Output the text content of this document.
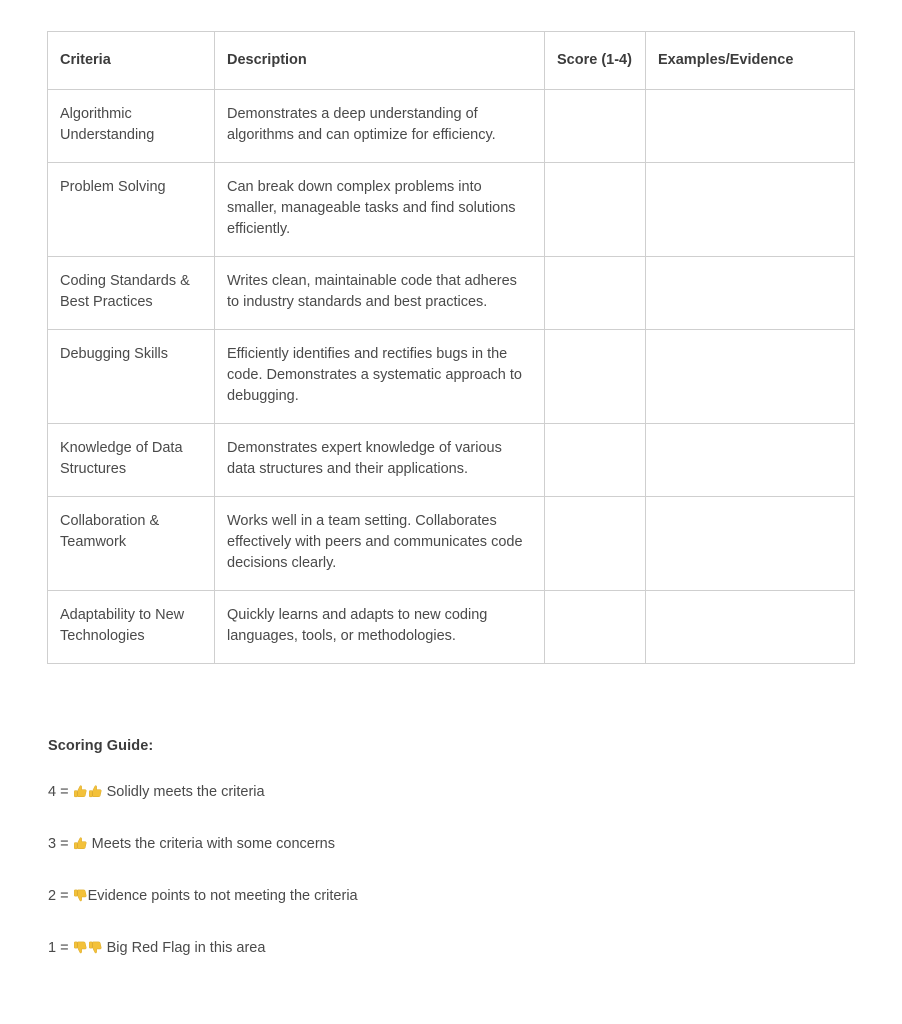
Criteria	Description	Score (1-4)	Examples/Evidence
Algorithmic Understanding	Demonstrates a deep understanding of algorithms and can optimize for efficiency.		
Problem Solving	Can break down complex problems into smaller, manageable tasks and find solutions efficiently.		
Coding Standards & Best Practices	Writes clean, maintainable code that adheres to industry standards and best practices.		
Debugging Skills	Efficiently identifies and rectifies bugs in the code. Demonstrates a systematic approach to debugging.		
Knowledge of Data Structures	Demonstrates expert knowledge of various data structures and their applications.		
Collaboration & Teamwork	Works well in a team setting. Collaborates effectively with peers and communicates code decisions clearly.		
Adaptability to New Technologies	Quickly learns and adapts to new coding languages, tools, or methodologies.		
Scoring Guide:
4 =  Solidly meets the criteria
3 =  Meets the criteria with some concerns
2 = Evidence points to not meeting the criteria
1 =  Big Red Flag in this area
